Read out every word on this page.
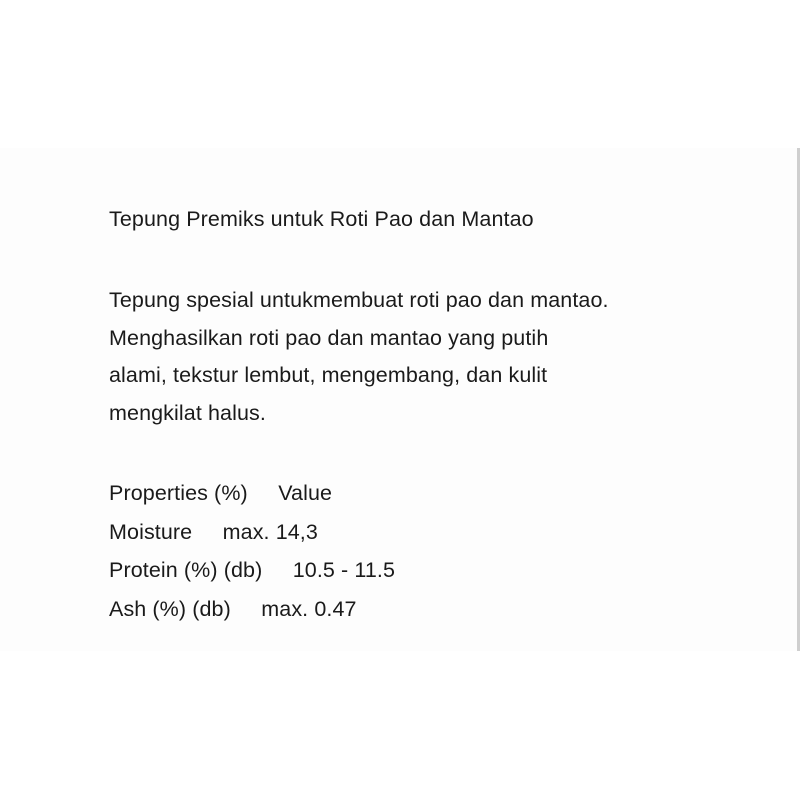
Tepung Premiks untuk Roti Pao dan Mantao
Tepung spesial untukmembuat roti pao dan mantao.
Menghasilkan roti pao dan mantao yang putih
alami, tekstur lembut, mengembang, dan kulit
mengkilat halus.
Properties (%) Value
Moisture max. 14,3
Protein (%) (db) 10.5 - 11.5
Ash (%) (db) max. 0.47
